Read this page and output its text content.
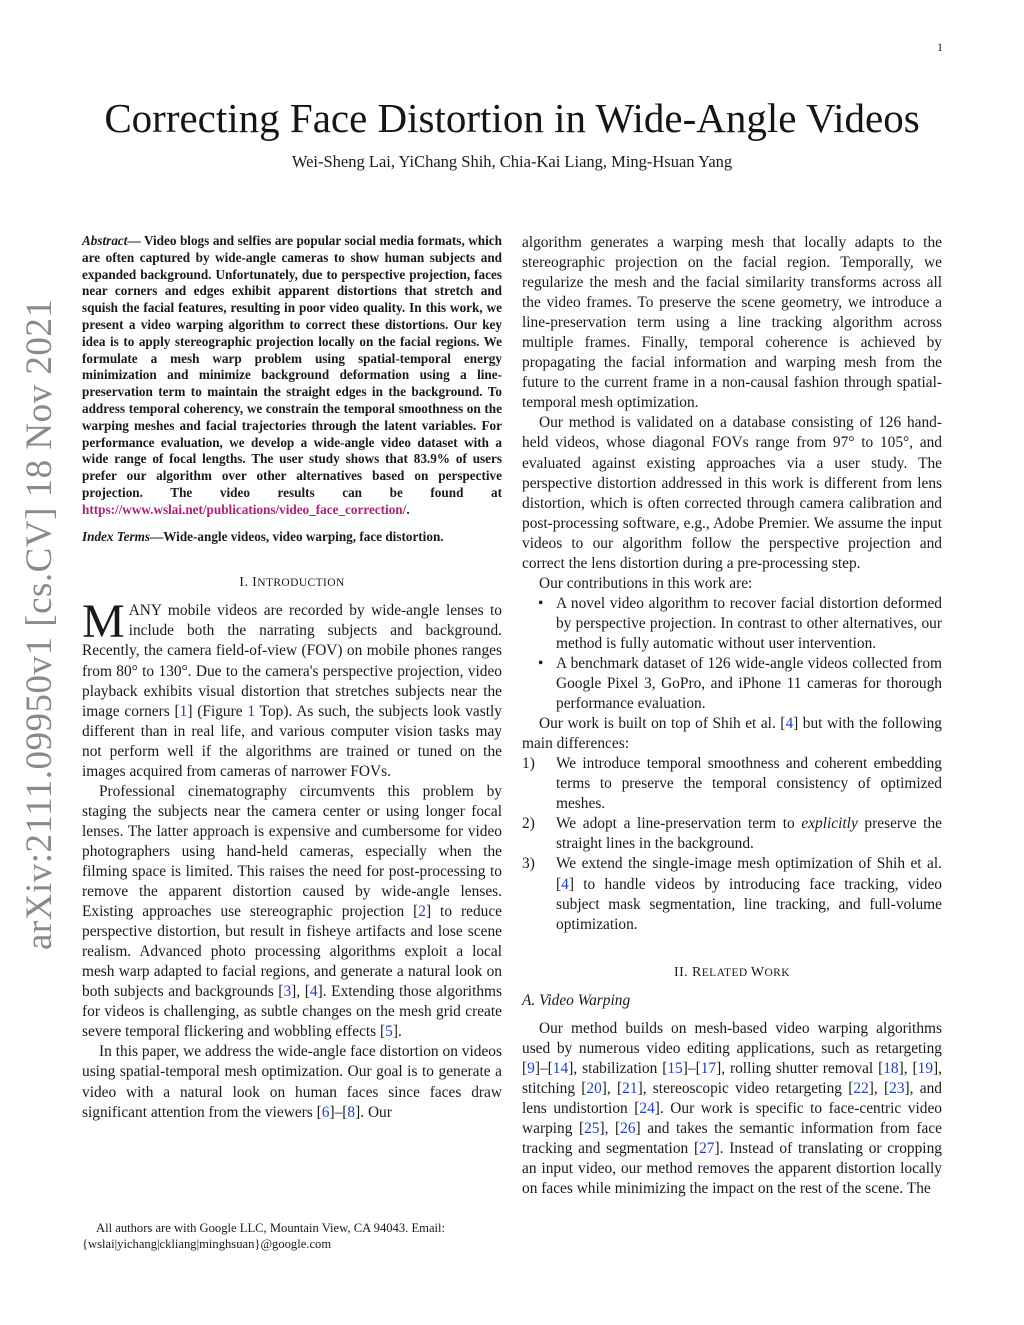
1
arXiv:2111.09950v1 [cs.CV] 18 Nov 2021
Correcting Face Distortion in Wide-Angle Videos
Wei-Sheng Lai, YiChang Shih, Chia-Kai Liang, Ming-Hsuan Yang
Abstract— Video blogs and selfies are popular social media formats, which are often captured by wide-angle cameras to show human subjects and expanded background. Unfortunately, due to perspective projection, faces near corners and edges exhibit apparent distortions that stretch and squish the facial features, resulting in poor video quality. In this work, we present a video warping algorithm to correct these distortions. Our key idea is to apply stereographic projection locally on the facial regions. We formulate a mesh warp problem using spatial-temporal energy minimization and minimize background deformation using a line-preservation term to maintain the straight edges in the background. To address temporal coherency, we constrain the temporal smoothness on the warping meshes and facial trajectories through the latent variables. For performance evaluation, we develop a wide-angle video dataset with a wide range of focal lengths. The user study shows that 83.9% of users prefer our algorithm over other alternatives based on perspective projection. The video results can be found at https://www.wslai.net/publications/video_face_correction/.
Index Terms—Wide-angle videos, video warping, face distortion.
I. INTRODUCTION

MANY mobile videos are recorded by wide-angle lenses to include both the narrating subjects and background. Recently, the camera field-of-view (FOV) on mobile phones ranges from 80° to 130°. Due to the camera's perspective projection, video playback exhibits visual distortion that stretches subjects near the image corners [1] (Figure 1 Top). As such, the subjects look vastly different than in real life, and various computer vision tasks may not perform well if the algorithms are trained or tuned on the images acquired from cameras of narrower FOVs.

Professional cinematography circumvents this problem by staging the subjects near the camera center or using longer focal lenses. The latter approach is expensive and cumbersome for video photographers using hand-held cameras, especially when the filming space is limited. This raises the need for post-processing to remove the apparent distortion caused by wide-angle lenses. Existing approaches use stereographic projection [2] to reduce perspective distortion, but result in fisheye artifacts and lose scene realism. Advanced photo processing algorithms exploit a local mesh warp adapted to facial regions, and generate a natural look on both subjects and backgrounds [3], [4]. Extending those algorithms for videos is challenging, as subtle changes on the mesh grid create severe temporal flickering and wobbling effects [5].

In this paper, we address the wide-angle face distortion on videos using spatial-temporal mesh optimization. Our goal is to generate a video with a natural look on human faces since faces draw significant attention from the viewers [6]–[8]. Our

All authors are with Google LLC, Mountain View, CA 94043. Email:
{wslai|yichang|ckliang|minghsuan}@google.com

algorithm generates a warping mesh that locally adapts to the stereographic projection on the facial region. Temporally, we regularize the mesh and the facial similarity transforms across all the video frames. To preserve the scene geometry, we introduce a line-preservation term using a line tracking algorithm across multiple frames. Finally, temporal coherence is achieved by propagating the facial information and warping mesh from the future to the current frame in a non-causal fashion through spatial-temporal mesh optimization.

Our method is validated on a database consisting of 126 hand-held videos, whose diagonal FOVs range from 97° to 105°, and evaluated against existing approaches via a user study. The perspective distortion addressed in this work is different from lens distortion, which is often corrected through camera calibration and post-processing software, e.g., Adobe Premier. We assume the input videos to our algorithm follow the perspective projection and correct the lens distortion during a pre-processing step.

Our contributions in this work are:

• A novel video algorithm to recover facial distortion deformed by perspective projection. In contrast to other alternatives, our method is fully automatic without user intervention.
• A benchmark dataset of 126 wide-angle videos collected from Google Pixel 3, GoPro, and iPhone 11 cameras for thorough performance evaluation.

Our work is built on top of Shih et al. [4] but with the following main differences:

1) We introduce temporal smoothness and coherent embedding terms to preserve the temporal consistency of optimized meshes.
2) We adopt a line-preservation term to explicitly preserve the straight lines in the background.
3) We extend the single-image mesh optimization of Shih et al. [4] to handle videos by introducing face tracking, video subject mask segmentation, line tracking, and full-volume optimization.
II. RELATED WORK
A. Video Warping

Our method builds on mesh-based video warping algorithms used by numerous video editing applications, such as retargeting [9]–[14], stabilization [15]–[17], rolling shutter removal [18], [19], stitching [20], [21], stereoscopic video retargeting [22], [23], and lens undistortion [24]. Our work is specific to face-centric video warping [25], [26] and takes the semantic information from face tracking and segmentation [27]. Instead of translating or cropping an input video, our method removes the apparent distortion locally on faces while minimizing the impact on the rest of the scene. The
